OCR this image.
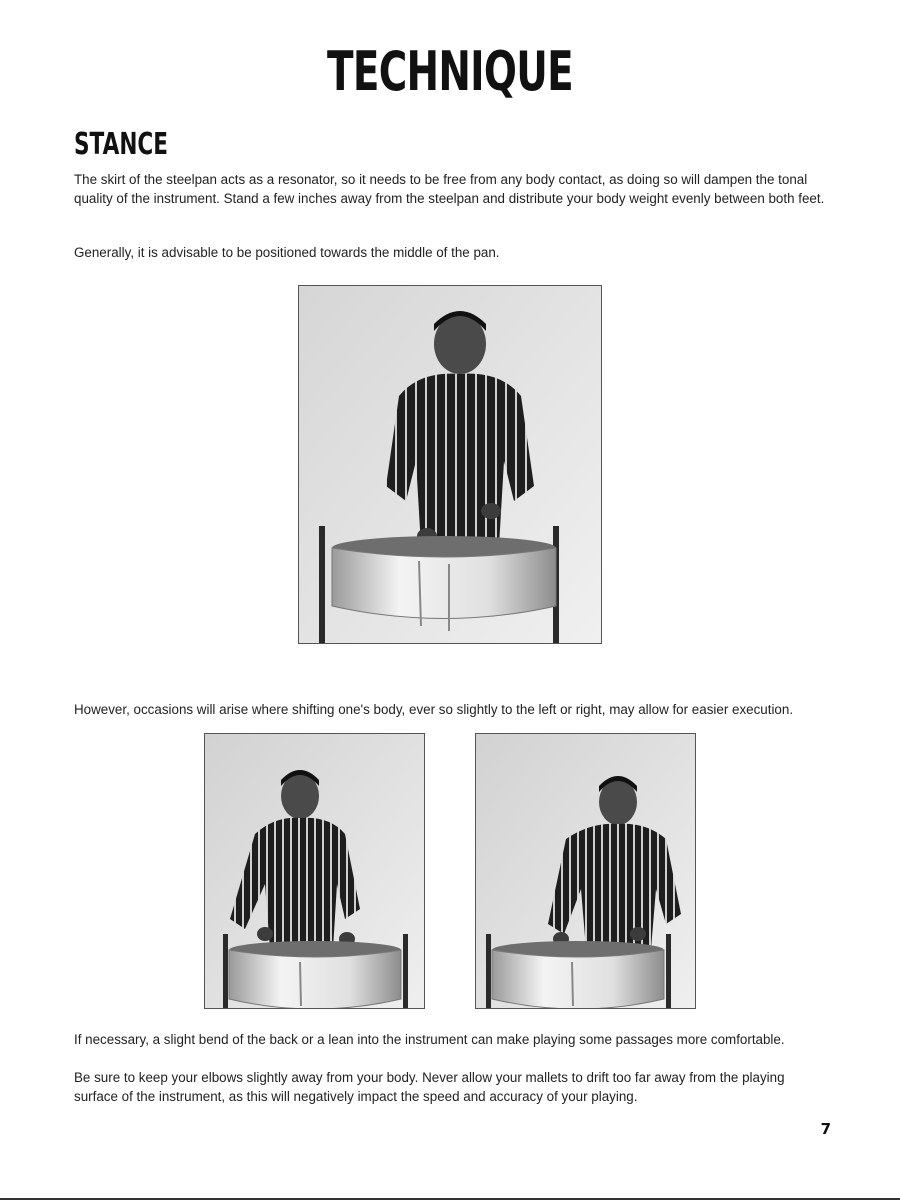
TECHNIQUE
STANCE

The skirt of the steelpan acts as a resonator, so it needs to be free from any body contact, as doing so will dampen the tonal quality of the instrument. Stand a few inches away from the steelpan and distribute your body weight evenly between both feet.

Generally, it is advisable to be positioned towards the middle of the pan.

However, occasions will arise where shifting one's body, ever so slightly to the left or right, may allow for easier execution.

If necessary, a slight bend of the back or a lean into the instrument can make playing some passages more comfortable.

Be sure to keep your elbows slightly away from your body. Never allow your mallets to drift too far away from the playing surface of the instrument, as this will negatively impact the speed and accuracy of your playing.

7
